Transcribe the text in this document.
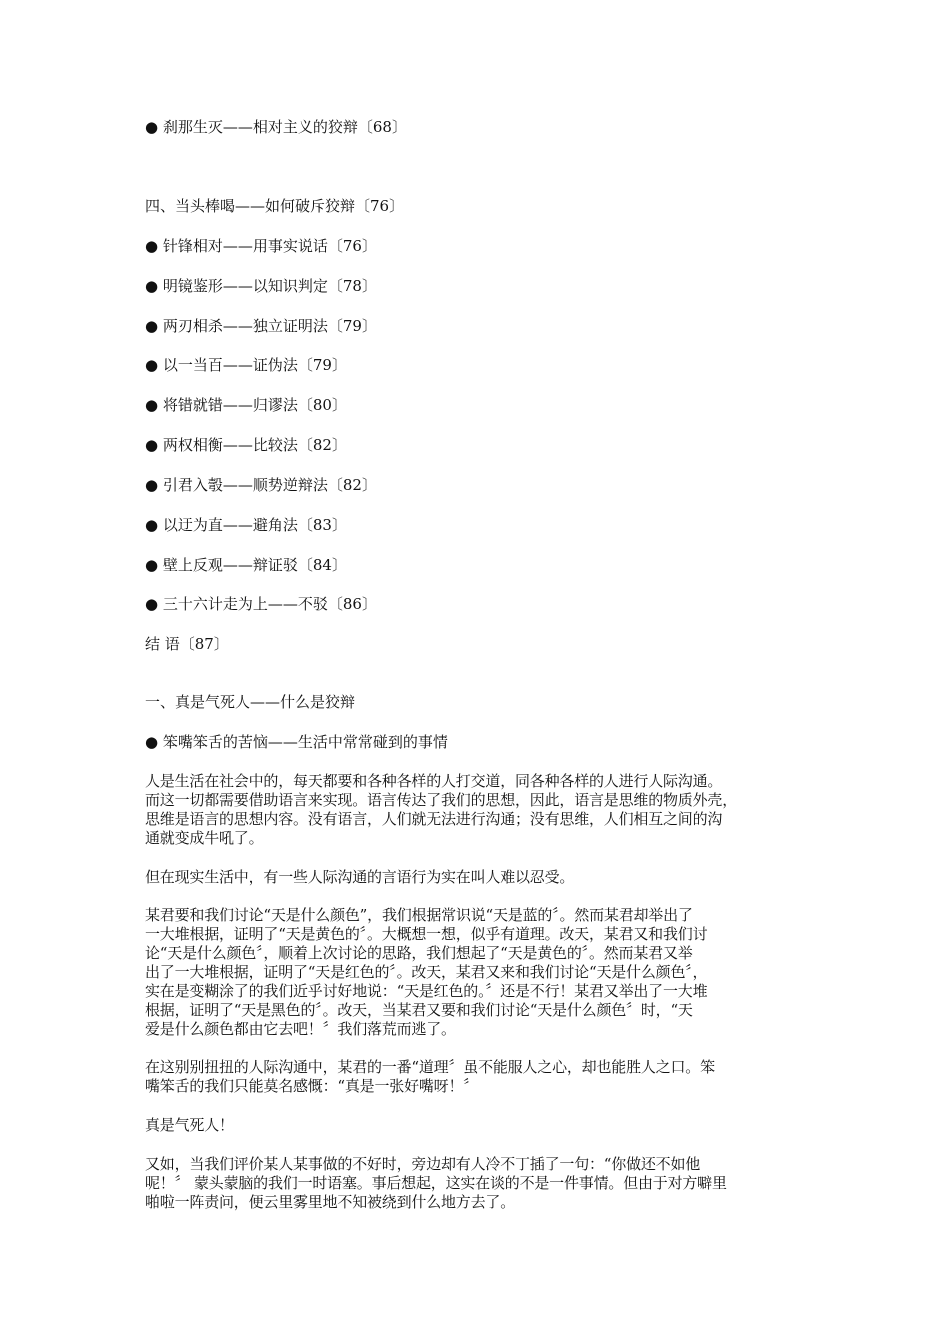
● 刹那生灭——相对主义的狡辩〔68〕
四、当头棒喝——如何破斥狡辩〔76〕
● 针锋相对——用事实说话〔76〕
● 明镜鉴形——以知识判定〔78〕
● 两刃相杀——独立证明法〔79〕
● 以一当百——证伪法〔79〕
● 将错就错——归谬法〔80〕
● 两权相衡——比较法〔82〕
● 引君入彀——顺势逆辩法〔82〕
● 以迂为直——避角法〔83〕
● 壁上反观——辩证驳〔84〕
● 三十六计走为上——不驳〔86〕
结 语〔87〕
一、真是气死人——什么是狡辩
● 笨嘴笨舌的苦恼——生活中常常碰到的事情
人是生活在社会中的，每天都要和各种各样的人打交道，同各种各样的人进行人际沟通。
而这一切都需要借助语言来实现。语言传达了我们的思想，因此，语言是思维的物质外壳，
思维是语言的思想内容。没有语言，人们就无法进行沟通；没有思维，人们相互之间的沟
通就变成牛吼了。
但在现实生活中，有一些人际沟通的言语行为实在叫人难以忍受。
某君要和我们讨论“天是什么颜色”，我们根据常识说“天是蓝的〞。然而某君却举出了
一大堆根据，证明了“天是黄色的〞。大概想一想，似乎有道理。改天，某君又和我们讨
论“天是什么颜色〞，顺着上次讨论的思路，我们想起了“天是黄色的〞。然而某君又举
出了一大堆根据，证明了“天是红色的〞。改天，某君又来和我们讨论“天是什么颜色〞，
实在是变糊涂了的我们近乎讨好地说：“天是红色的。〞还是不行！某君又举出了一大堆
根据，证明了“天是黑色的〞。改天，当某君又要和我们讨论“天是什么颜色〞时，“天
爱是什么颜色都由它去吧！〞我们落荒而逃了。
在这别别扭扭的人际沟通中，某君的一番“道理〞虽不能服人之心，却也能胜人之口。笨
嘴笨舌的我们只能莫名感慨：“真是一张好嘴呀！〞
真是气死人！
又如，当我们评价某人某事做的不好时，旁边却有人冷不丁插了一句：“你做还不如他
呢！〞 蒙头蒙脑的我们一时语塞。事后想起，这实在谈的不是一件事情。但由于对方噼里
啪啦一阵责问，便云里雾里地不知被绕到什么地方去了。
